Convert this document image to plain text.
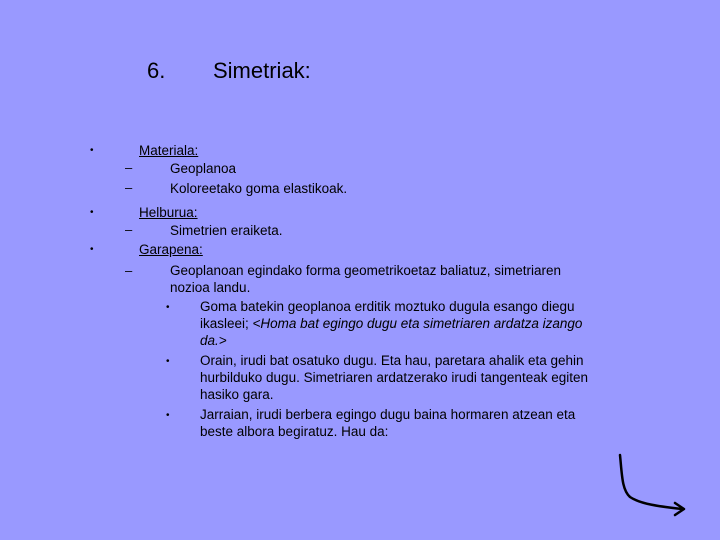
6. Simetriak:
•	Materiala:
–	Geoplanoa
–	Koloreetako goma elastikoak.
•	Helburua:
–	Simetrien eraiketa.
•	Garapena:
–	Geoplanoan egindako forma geometrikoetaz baliatuz, simetriaren
nozioa landu.
• Goma batekin geoplanoa erditik moztuko dugula esango diegu
ikasleei; <Homa bat egingo dugu eta simetriaren ardatza izango
da.>
• Orain, irudi bat osatuko dugu. Eta hau, paretara ahalik eta gehin
hurbilduko dugu. Simetriaren ardatzerako irudi tangenteak egiten
hasiko gara.
• Jarraian, irudi berbera egingo dugu baina hormaren atzean eta
beste albora begiratuz. Hau da:
